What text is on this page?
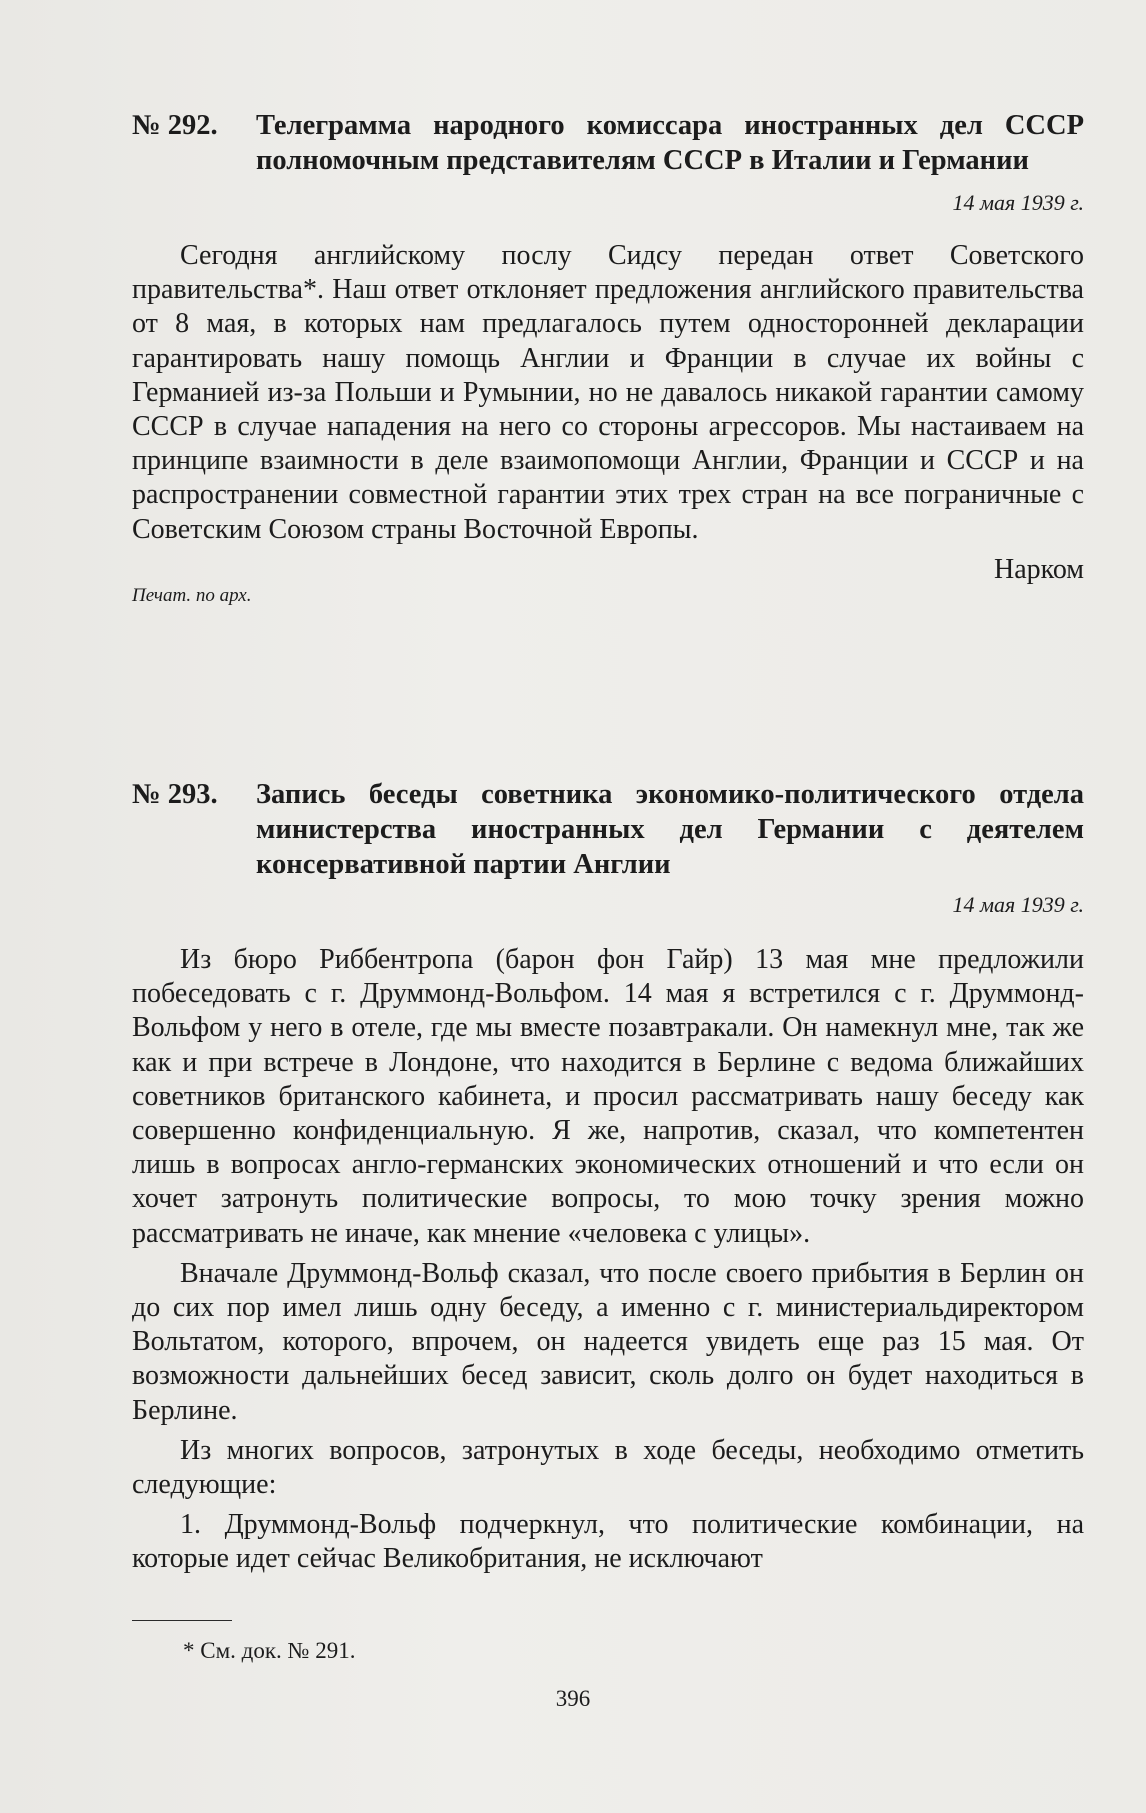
№ 292.	Телеграмма народного комиссара иностранных дел СССР полномочным представителям СССР в Италии и Германии
14 мая 1939 г.

Сегодня английскому послу Сидсу передан ответ Советского правительства*. Наш ответ отклоняет предложения английского правительства от 8 мая, в которых нам предлагалось путем односторонней декларации гарантировать нашу помощь Англии и Франции в случае их войны с Германией из-за Польши и Румынии, но не давалось никакой гарантии самому СССР в случае нападения на него со стороны агрессоров. Мы настаиваем на принципе взаимности в деле взаимопомощи Англии, Франции и СССР и на распространении совместной гарантии этих трех стран на все пограничные с Советским Союзом страны Восточной Европы.

Нарком
Печат. по арх.
№ 293.	Запись беседы советника экономико-политического отдела министерства иностранных дел Германии с деятелем консервативной партии Англии
14 мая 1939 г.

Из бюро Риббентропа (барон фон Гайр) 13 мая мне предложили побеседовать с г. Друммонд-Вольфом. 14 мая я встретился с г. Друммонд-Вольфом у него в отеле, где мы вместе позавтракали. Он намекнул мне, так же как и при встрече в Лондоне, что находится в Берлине с ведома ближайших советников британского кабинета, и просил рассматривать нашу беседу как совершенно конфиденциальную. Я же, напротив, сказал, что компетентен лишь в вопросах англо-германских экономических отношений и что если он хочет затронуть политические вопросы, то мою точку зрения можно рассматривать не иначе, как мнение «человека с улицы».

Вначале Друммонд-Вольф сказал, что после своего прибытия в Берлин он до сих пор имел лишь одну беседу, а именно с г. министериальдиректором Вольтатом, которого, впрочем, он надеется увидеть еще раз 15 мая. От возможности дальнейших бесед зависит, сколь долго он будет находиться в Берлине.

Из многих вопросов, затронутых в ходе беседы, необходимо отметить следующие:

1. Друммонд-Вольф подчеркнул, что политические комбинации, на которые идет сейчас Великобритания, не исключают

* См. док. № 291.
396
